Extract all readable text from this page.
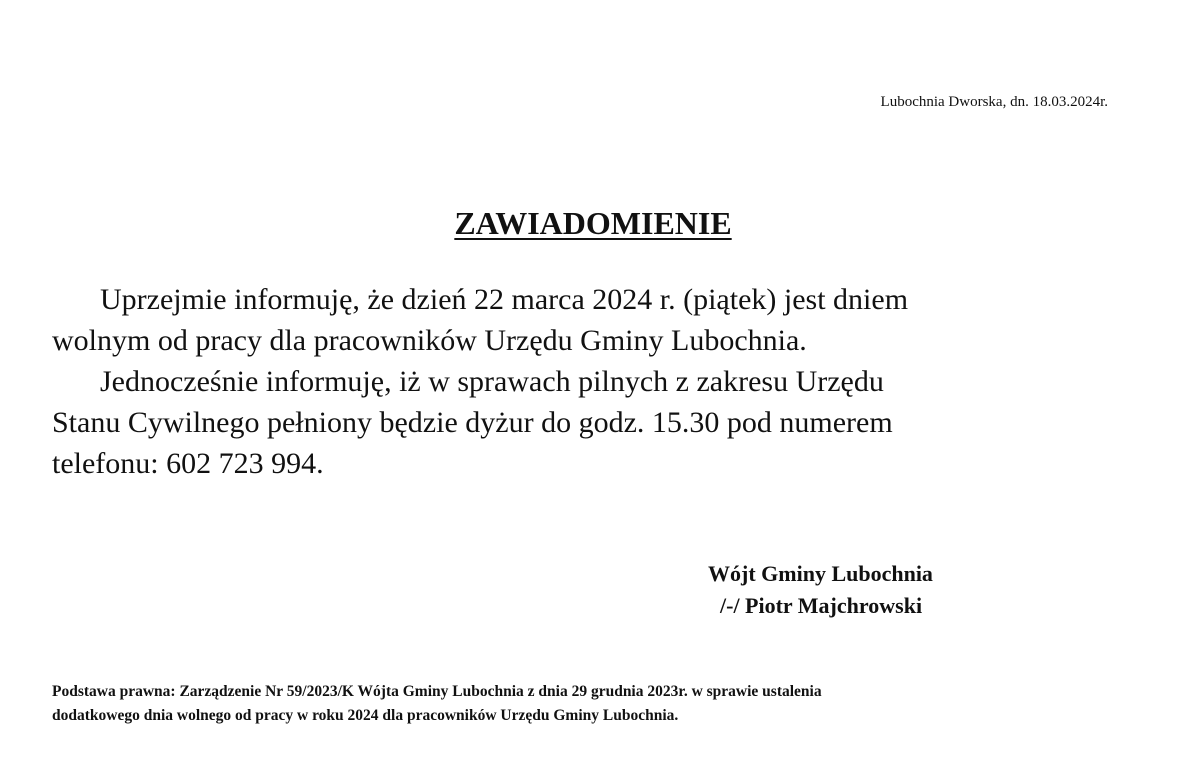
Lubochnia Dworska, dn. 18.03.2024r.
ZAWIADOMIENIE
Uprzejmie informuję, że dzień 22 marca 2024 r. (piątek) jest dniem
wolnym od pracy dla pracowników Urzędu Gminy Lubochnia.
Jednocześnie informuję, iż w sprawach pilnych z zakresu Urzędu
Stanu Cywilnego pełniony będzie dyżur do godz. 15.30 pod numerem
telefonu: 602 723 994.
Wójt Gminy Lubochnia
/-/ Piotr Majchrowski
Podstawa prawna: Zarządzenie Nr 59/2023/K Wójta Gminy Lubochnia z dnia 29 grudnia 2023r. w sprawie ustalenia
dodatkowego dnia wolnego od pracy w roku 2024 dla pracowników Urzędu Gminy Lubochnia.
